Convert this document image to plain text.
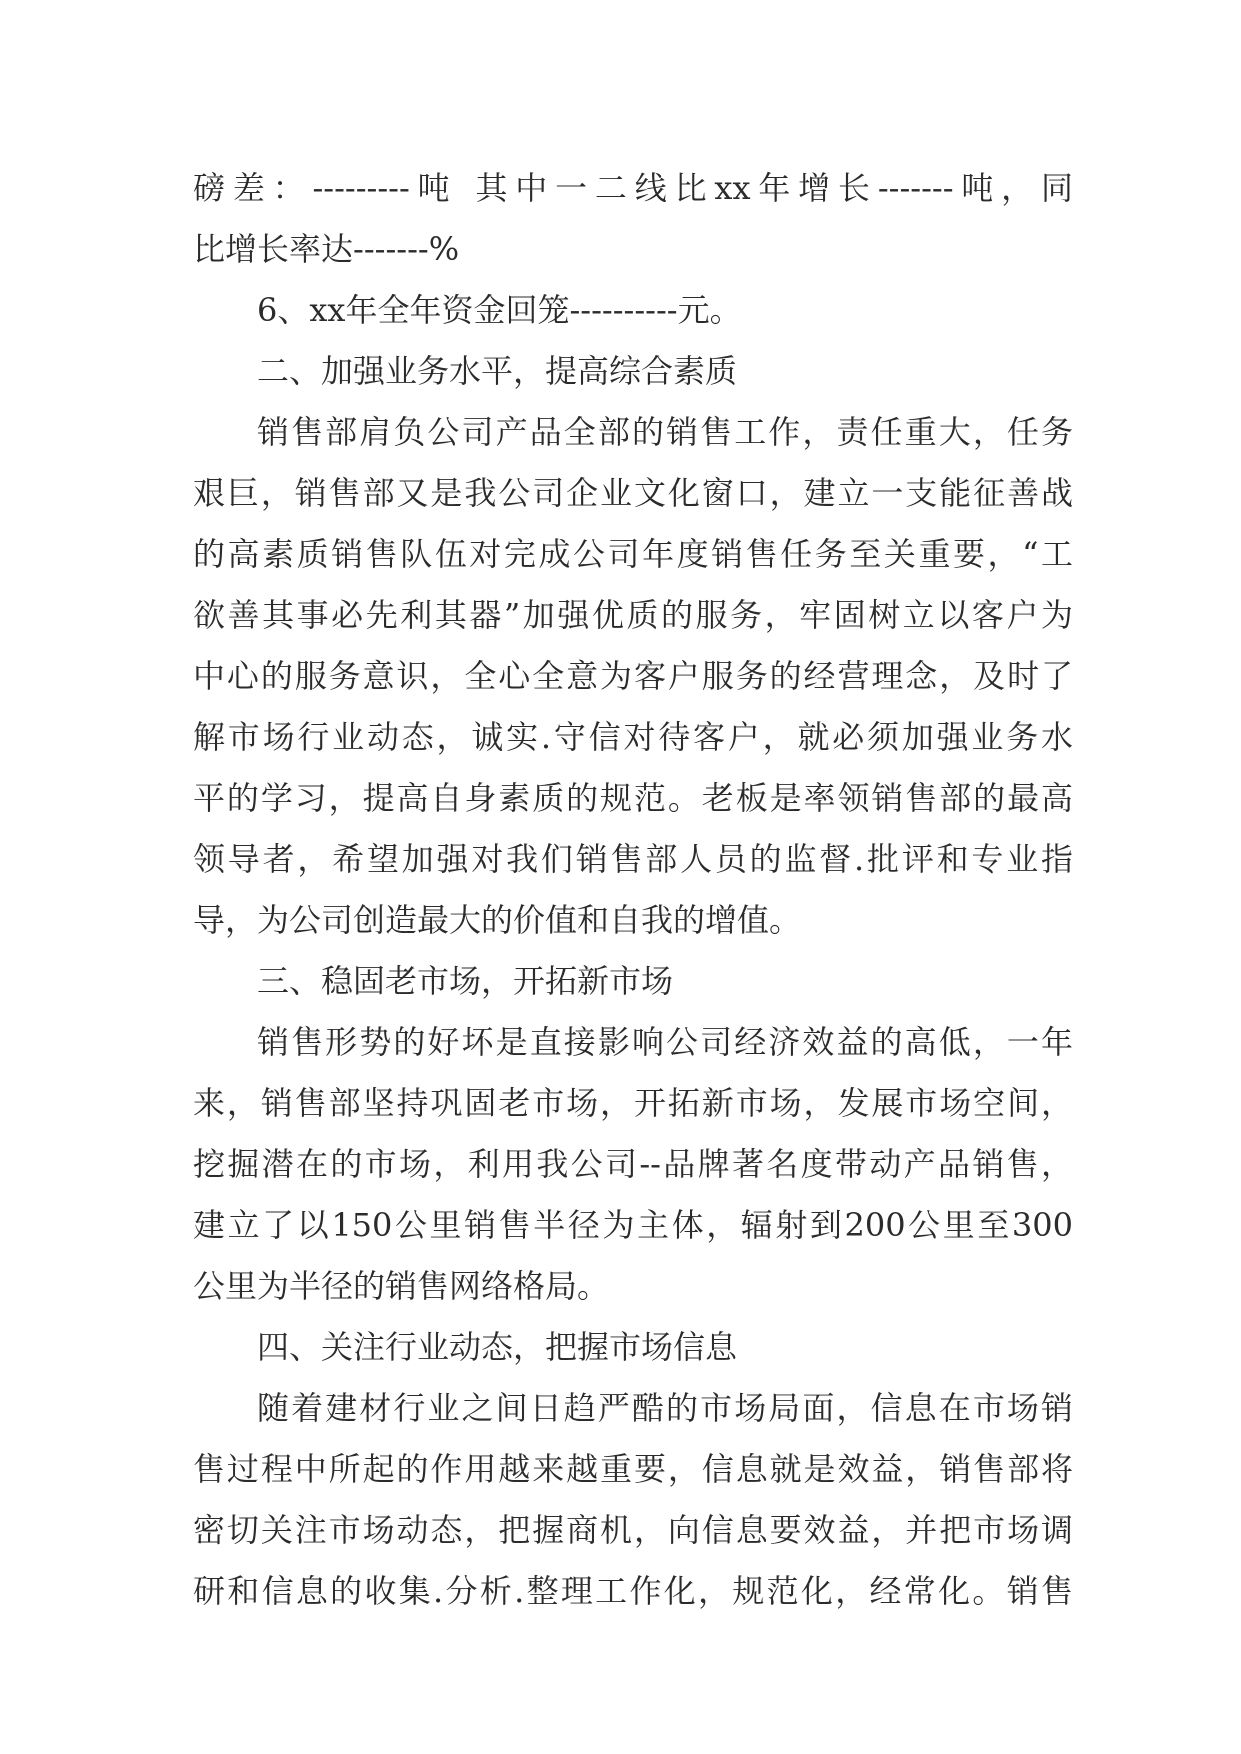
磅差：---------吨 其中一二线比xx年增长-------吨，同
比增长率达-------%
6、xx年全年资金回笼----------元。
二、加强业务水平，提高综合素质
销售部肩负公司产品全部的销售工作，责任重大，任务
艰巨，销售部又是我公司企业文化窗口，建立一支能征善战
的高素质销售队伍对完成公司年度销售任务至关重要，“工
欲善其事必先利其器”加强优质的服务，牢固树立以客户为
中心的服务意识，全心全意为客户服务的经营理念，及时了
解市场行业动态，诚实.守信对待客户，就必须加强业务水
平的学习，提高自身素质的规范。老板是率领销售部的最高
领导者，希望加强对我们销售部人员的监督.批评和专业指
导，为公司创造最大的价值和自我的增值。
三、稳固老市场，开拓新市场
销售形势的好坏是直接影响公司经济效益的高低，一年
来，销售部坚持巩固老市场，开拓新市场，发展市场空间，
挖掘潜在的市场，利用我公司--品牌著名度带动产品销售，
建立了以150公里销售半径为主体，辐射到200公里至300
公里为半径的销售网络格局。
四、关注行业动态，把握市场信息
随着建材行业之间日趋严酷的市场局面，信息在市场销
售过程中所起的作用越来越重要，信息就是效益，销售部将
密切关注市场动态，把握商机，向信息要效益，并把市场调
研和信息的收集.分析.整理工作化，规范化，经常化。销售
